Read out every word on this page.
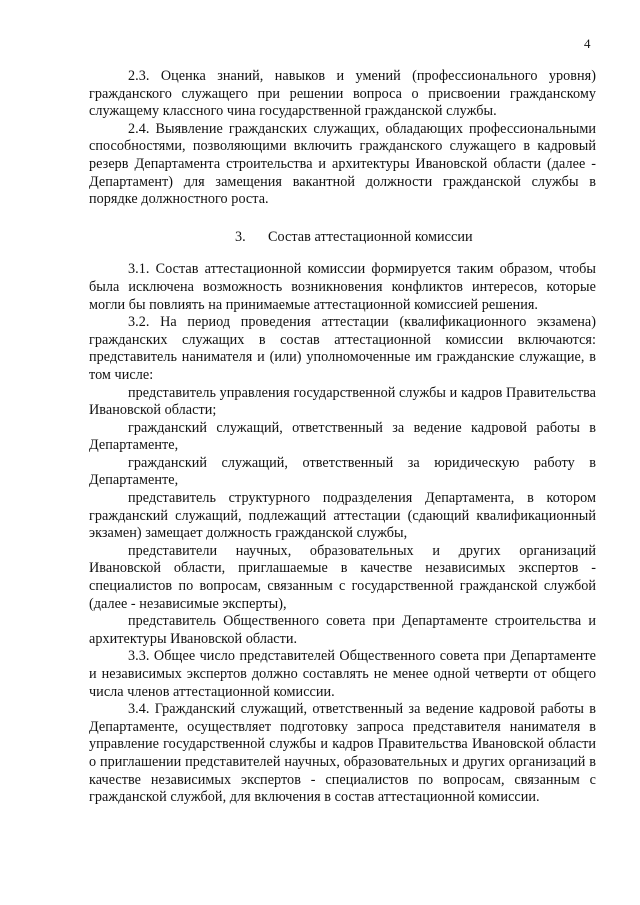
4

2.3. Оценка знаний, навыков и умений (профессионального уровня) гражданского служащего при решении вопроса о присвоении гражданскому служащему классного чина государственной гражданской службы.

2.4. Выявление гражданских служащих, обладающих профессиональными способностями, позволяющими включить гражданского служащего в кадровый резерв Департамента строительства и архитектуры Ивановской области (далее - Департамент) для замещения вакантной должности гражданской службы в порядке должностного роста.

3. Состав аттестационной комиссии

3.1. Состав аттестационной комиссии формируется таким образом, чтобы была исключена возможность возникновения конфликтов интересов, которые могли бы повлиять на принимаемые аттестационной комиссией решения.

3.2. На период проведения аттестации (квалификационного экзамена) гражданских служащих в состав аттестационной комиссии включаются: представитель нанимателя и (или) уполномоченные им гражданские служащие, в том числе:

представитель управления государственной службы и кадров Правительства Ивановской области;

гражданский служащий, ответственный за ведение кадровой работы в Департаменте,

гражданский служащий, ответственный за юридическую работу в Департаменте,

представитель структурного подразделения Департамента, в котором гражданский служащий, подлежащий аттестации (сдающий квалификационный экзамен) замещает должность гражданской службы,

представители научных, образовательных и других организаций Ивановской области, приглашаемые в качестве независимых экспертов - специалистов по вопросам, связанным с государственной гражданской службой (далее - независимые эксперты),

представитель Общественного совета при Департаменте строительства и архитектуры Ивановской области.

3.3. Общее число представителей Общественного совета при Департаменте и независимых экспертов должно составлять не менее одной четверти от общего числа членов аттестационной комиссии.

3.4. Гражданский служащий, ответственный за ведение кадровой работы в Департаменте, осуществляет подготовку запроса представителя нанимателя в управление государственной службы и кадров Правительства Ивановской области о приглашении представителей научных, образовательных и других организаций в качестве независимых экспертов - специалистов по вопросам, связанным с гражданской службой, для включения в состав аттестационной комиссии.
